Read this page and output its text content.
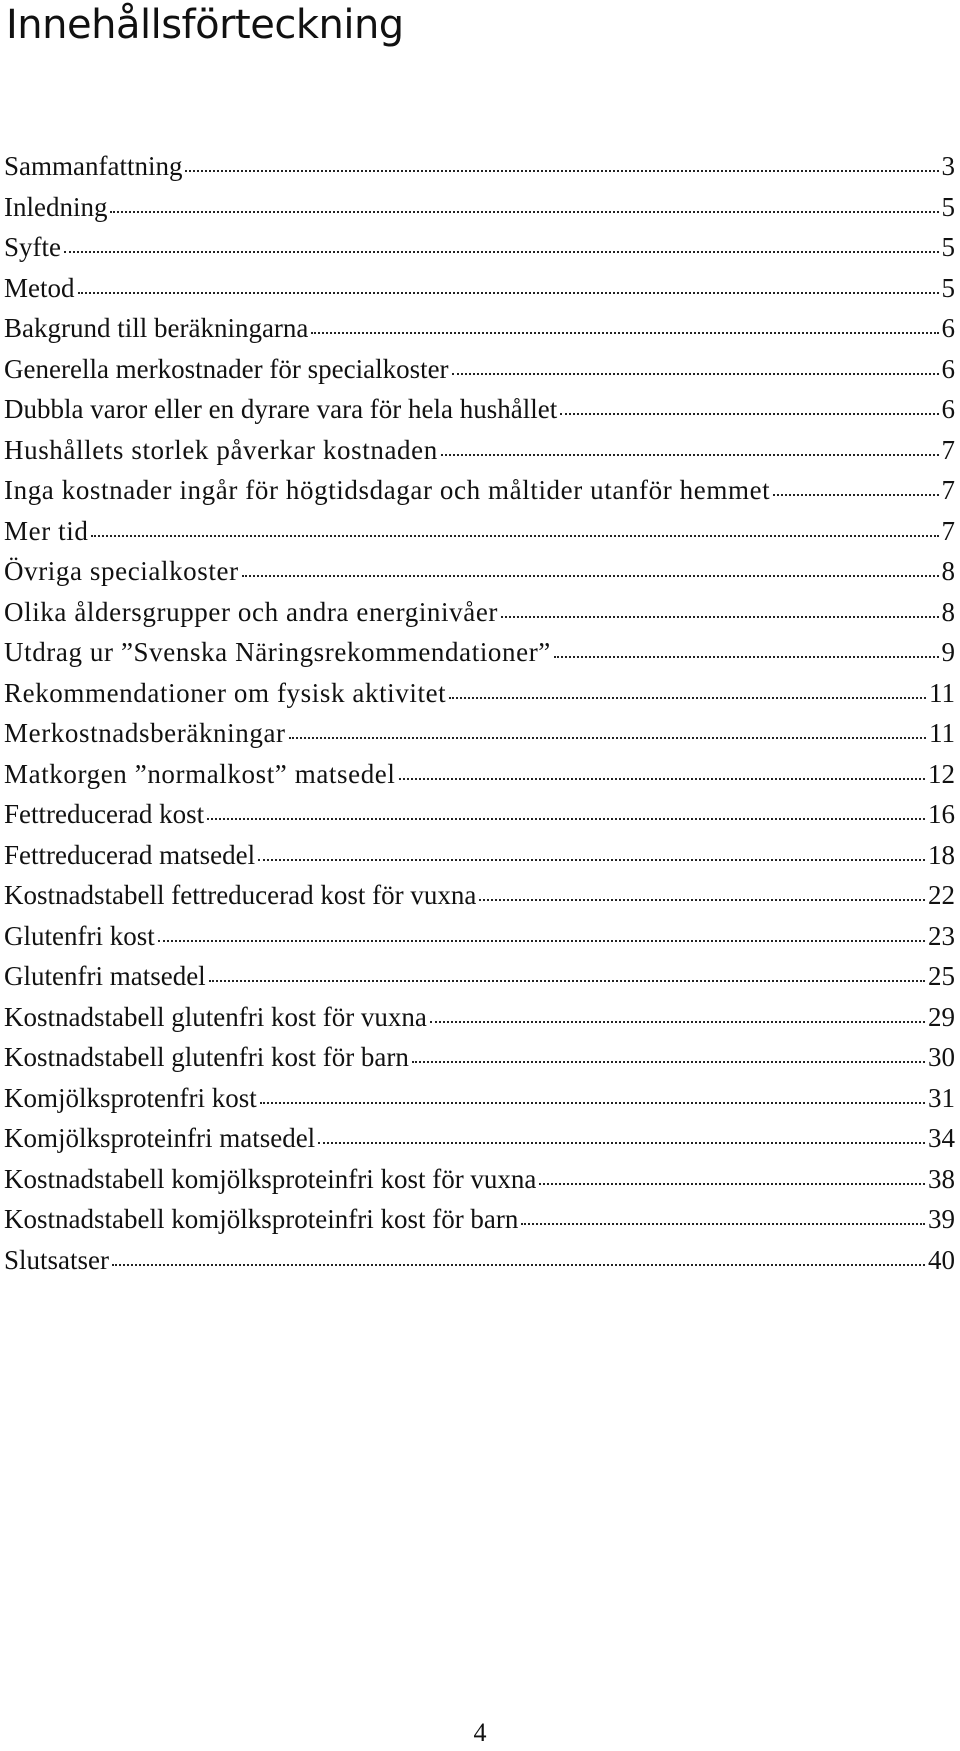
Innehållsförteckning
Sammanfattning	3
Inledning	5
Syfte	5
Metod	5
Bakgrund till beräkningarna	6
Generella merkostnader för specialkoster	6
Dubbla varor eller en dyrare vara för hela hushållet	6
Hushållets storlek påverkar kostnaden	7
Inga kostnader ingår för högtidsdagar och måltider utanför hemmet	7
Mer tid	7
Övriga specialkoster	8
Olika åldersgrupper och andra energinivåer	8
Utdrag ur ”Svenska Näringsrekommendationer”	9
Rekommendationer om fysisk aktivitet	11
Merkostnadsberäkningar	11
Matkorgen ”normalkost” matsedel	12
Fettreducerad kost	16
Fettreducerad matsedel	18
Kostnadstabell fettreducerad kost för vuxna	22
Glutenfri kost	23
Glutenfri matsedel	25
Kostnadstabell glutenfri kost för vuxna	29
Kostnadstabell glutenfri kost för barn	30
Komjölksprotenfri kost	31
Komjölksproteinfri matsedel	34
Kostnadstabell komjölksproteinfri kost för vuxna	38
Kostnadstabell komjölksproteinfri kost för barn	39
Slutsatser	40
4
